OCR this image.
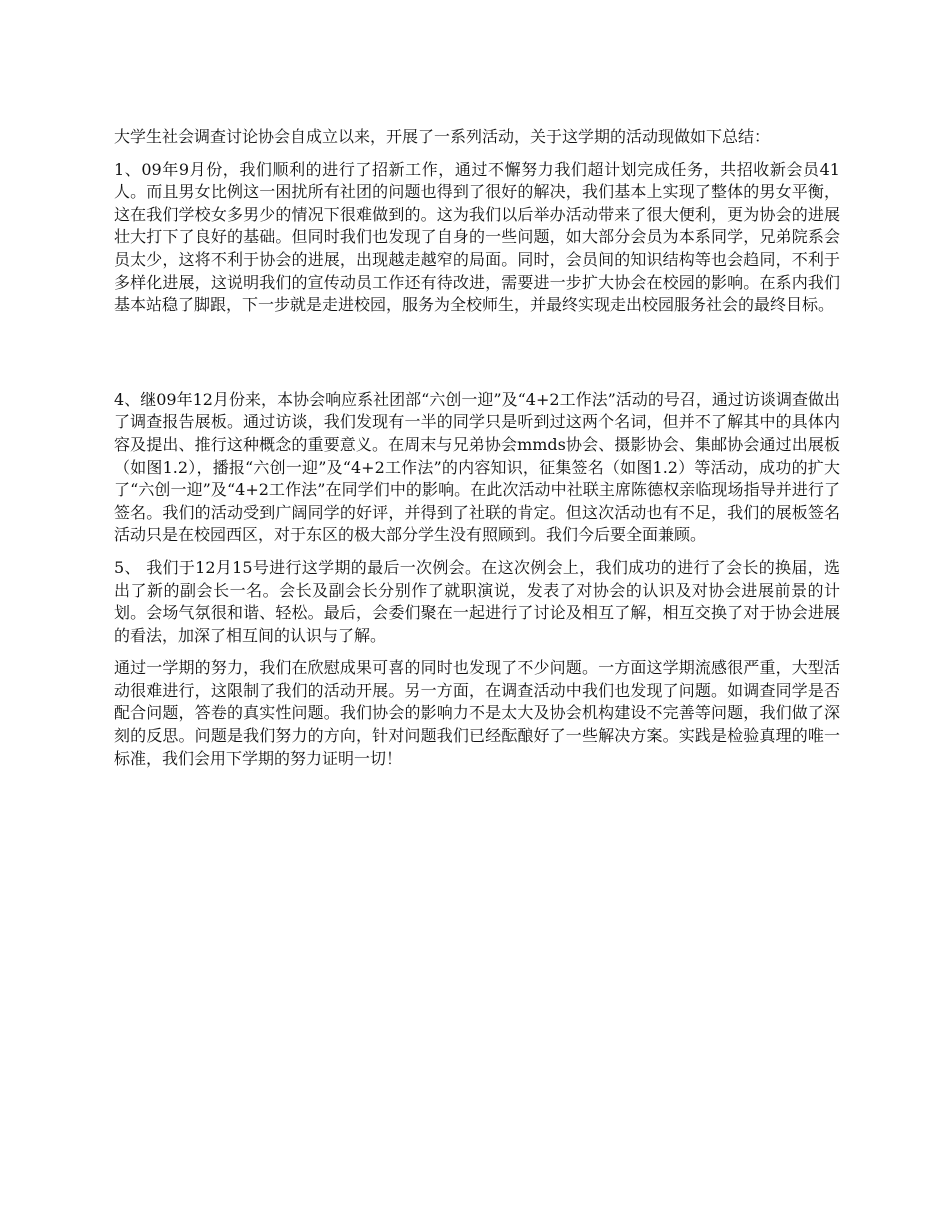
大学生社会调查讨论协会自成立以来，开展了一系列活动，关于这学期的活动现做如下总结：

1、09年9月份，我们顺利的进行了招新工作，通过不懈努力我们超计划完成任务，共招收新会员41人。而且男女比例这一困扰所有社团的问题也得到了很好的解决，我们基本上实现了整体的男女平衡，这在我们学校女多男少的情况下很难做到的。这为我们以后举办活动带来了很大便利，更为协会的进展壮大打下了良好的基础。但同时我们也发现了自身的一些问题，如大部分会员为本系同学，兄弟院系会员太少，这将不利于协会的进展，出现越走越窄的局面。同时，会员间的知识结构等也会趋同，不利于多样化进展，这说明我们的宣传动员工作还有待改进，需要进一步扩大协会在校园的影响。在系内我们基本站稳了脚跟，下一步就是走进校园，服务为全校师生，并最终实现走出校园服务社会的最终目标。

4、继09年12月份来，本协会响应系社团部“六创一迎”及“4+2工作法”活动的号召，通过访谈调查做出了调查报告展板。通过访谈，我们发现有一半的同学只是听到过这两个名词，但并不了解其中的具体内容及提出、推行这种概念的重要意义。在周末与兄弟协会mmds协会、摄影协会、集邮协会通过出展板（如图1.2），播报“六创一迎”及“4+2工作法”的内容知识，征集签名（如图1.2）等活动，成功的扩大了“六创一迎”及“4+2工作法”在同学们中的影响。在此次活动中社联主席陈德权亲临现场指导并进行了签名。我们的活动受到广阔同学的好评，并得到了社联的肯定。但这次活动也有不足，我们的展板签名活动只是在校园西区，对于东区的极大部分学生没有照顾到。我们今后要全面兼顾。

5、 我们于12月15号进行这学期的最后一次例会。在这次例会上，我们成功的进行了会长的换届，选出了新的副会长一名。会长及副会长分别作了就职演说，发表了对协会的认识及对协会进展前景的计划。会场气氛很和谐、轻松。最后，会委们聚在一起进行了讨论及相互了解，相互交换了对于协会进展的看法，加深了相互间的认识与了解。

通过一学期的努力，我们在欣慰成果可喜的同时也发现了不少问题。一方面这学期流感很严重，大型活动很难进行，这限制了我们的活动开展。另一方面，在调查活动中我们也发现了问题。如调查同学是否配合问题，答卷的真实性问题。我们协会的影响力不是太大及协会机构建设不完善等问题，我们做了深刻的反思。问题是我们努力的方向，针对问题我们已经酝酿好了一些解决方案。实践是检验真理的唯一标准，我们会用下学期的努力证明一切！
